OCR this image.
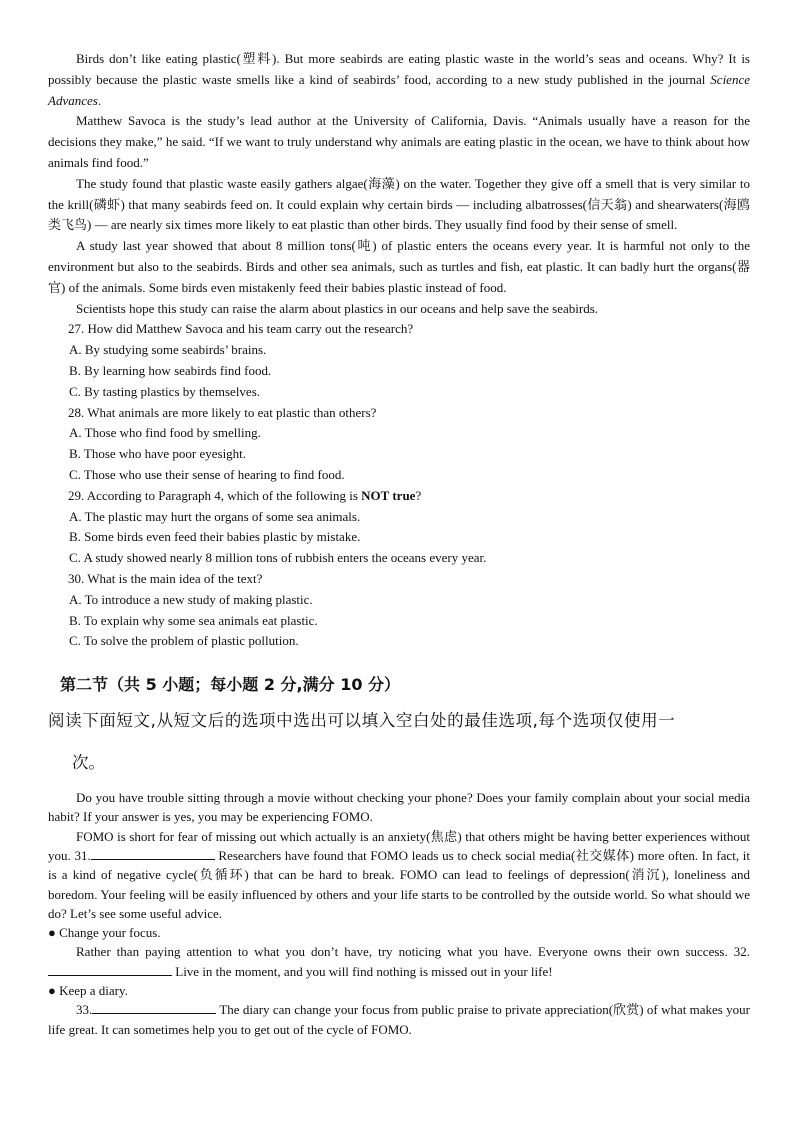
Birds don’t like eating plastic(塑料). But more seabirds are eating plastic waste in the world’s seas and oceans. Why? It is possibly because the plastic waste smells like a kind of seabirds’ food, according to a new study published in the journal Science Advances.

Matthew Savoca is the study’s lead author at the University of California, Davis. “Animals usually have a reason for the decisions they make,” he said. “If we want to truly understand why animals are eating plastic in the ocean, we have to think about how animals find food.”

The study found that plastic waste easily gathers algae(海藻) on the water. Together they give off a smell that is very similar to the krill(磷虾) that many seabirds feed on. It could explain why certain birds — including albatrosses(信天翁) and shearwaters(海鸥类飞鸟) — are nearly six times more likely to eat plastic than other birds. They usually find food by their sense of smell.

A study last year showed that about 8 million tons(吨) of plastic enters the oceans every year. It is harmful not only to the environment but also to the seabirds. Birds and other sea animals, such as turtles and fish, eat plastic. It can badly hurt the organs(器官) of the animals. Some birds even mistakenly feed their babies plastic instead of food.

Scientists hope this study can raise the alarm about plastics in our oceans and help save the seabirds.

27. How did Matthew Savoca and his team carry out the research?

A. By studying some seabirds’ brains.

B. By learning how seabirds find food.

C. By tasting plastics by themselves.

28. What animals are more likely to eat plastic than others?

A. Those who find food by smelling.

B. Those who have poor eyesight.

C. Those who use their sense of hearing to find food.

29. According to Paragraph 4, which of the following is NOT true?

A. The plastic may hurt the organs of some sea animals.

B. Some birds even feed their babies plastic by mistake.

C. A study showed nearly 8 million tons of rubbish enters the oceans every year.

30. What is the main idea of the text?

A. To introduce a new study of making plastic.

B. To explain why some sea animals eat plastic.

C. To solve the problem of plastic pollution.

第二节（共 5 小题；每小题 2 分,满分 10 分）

阅读下面短文,从短文后的选项中选出可以填入空白处的最佳选项,每个选项仅使用一

次。

Do you have trouble sitting through a movie without checking your phone? Does your family complain about your social media habit? If your answer is yes, you may be experiencing FOMO.

FOMO is short for fear of missing out which actually is an anxiety(焦虑) that others might be having better experiences without you. 31.	Researchers have found that FOMO leads us to check social media(社交媒体) more often. In fact, it is a kind of negative cycle(负循环) that can be hard to break. FOMO can lead to feelings of depression(消沉), loneliness and boredom. Your feeling will be easily influenced by others and your life starts to be controlled by the outside world. So what should we do? Let’s see some useful advice.

● Change your focus.

Rather than paying attention to what you don’t have, try noticing what you have. Everyone owns their own success. 32. Live in the moment, and you will find nothing is missed out in your life!

● Keep a diary.

33.	The diary can change your focus from public praise to private appreciation(欣赏) of what makes your life great. It can sometimes help you to get out of the cycle of FOMO.
